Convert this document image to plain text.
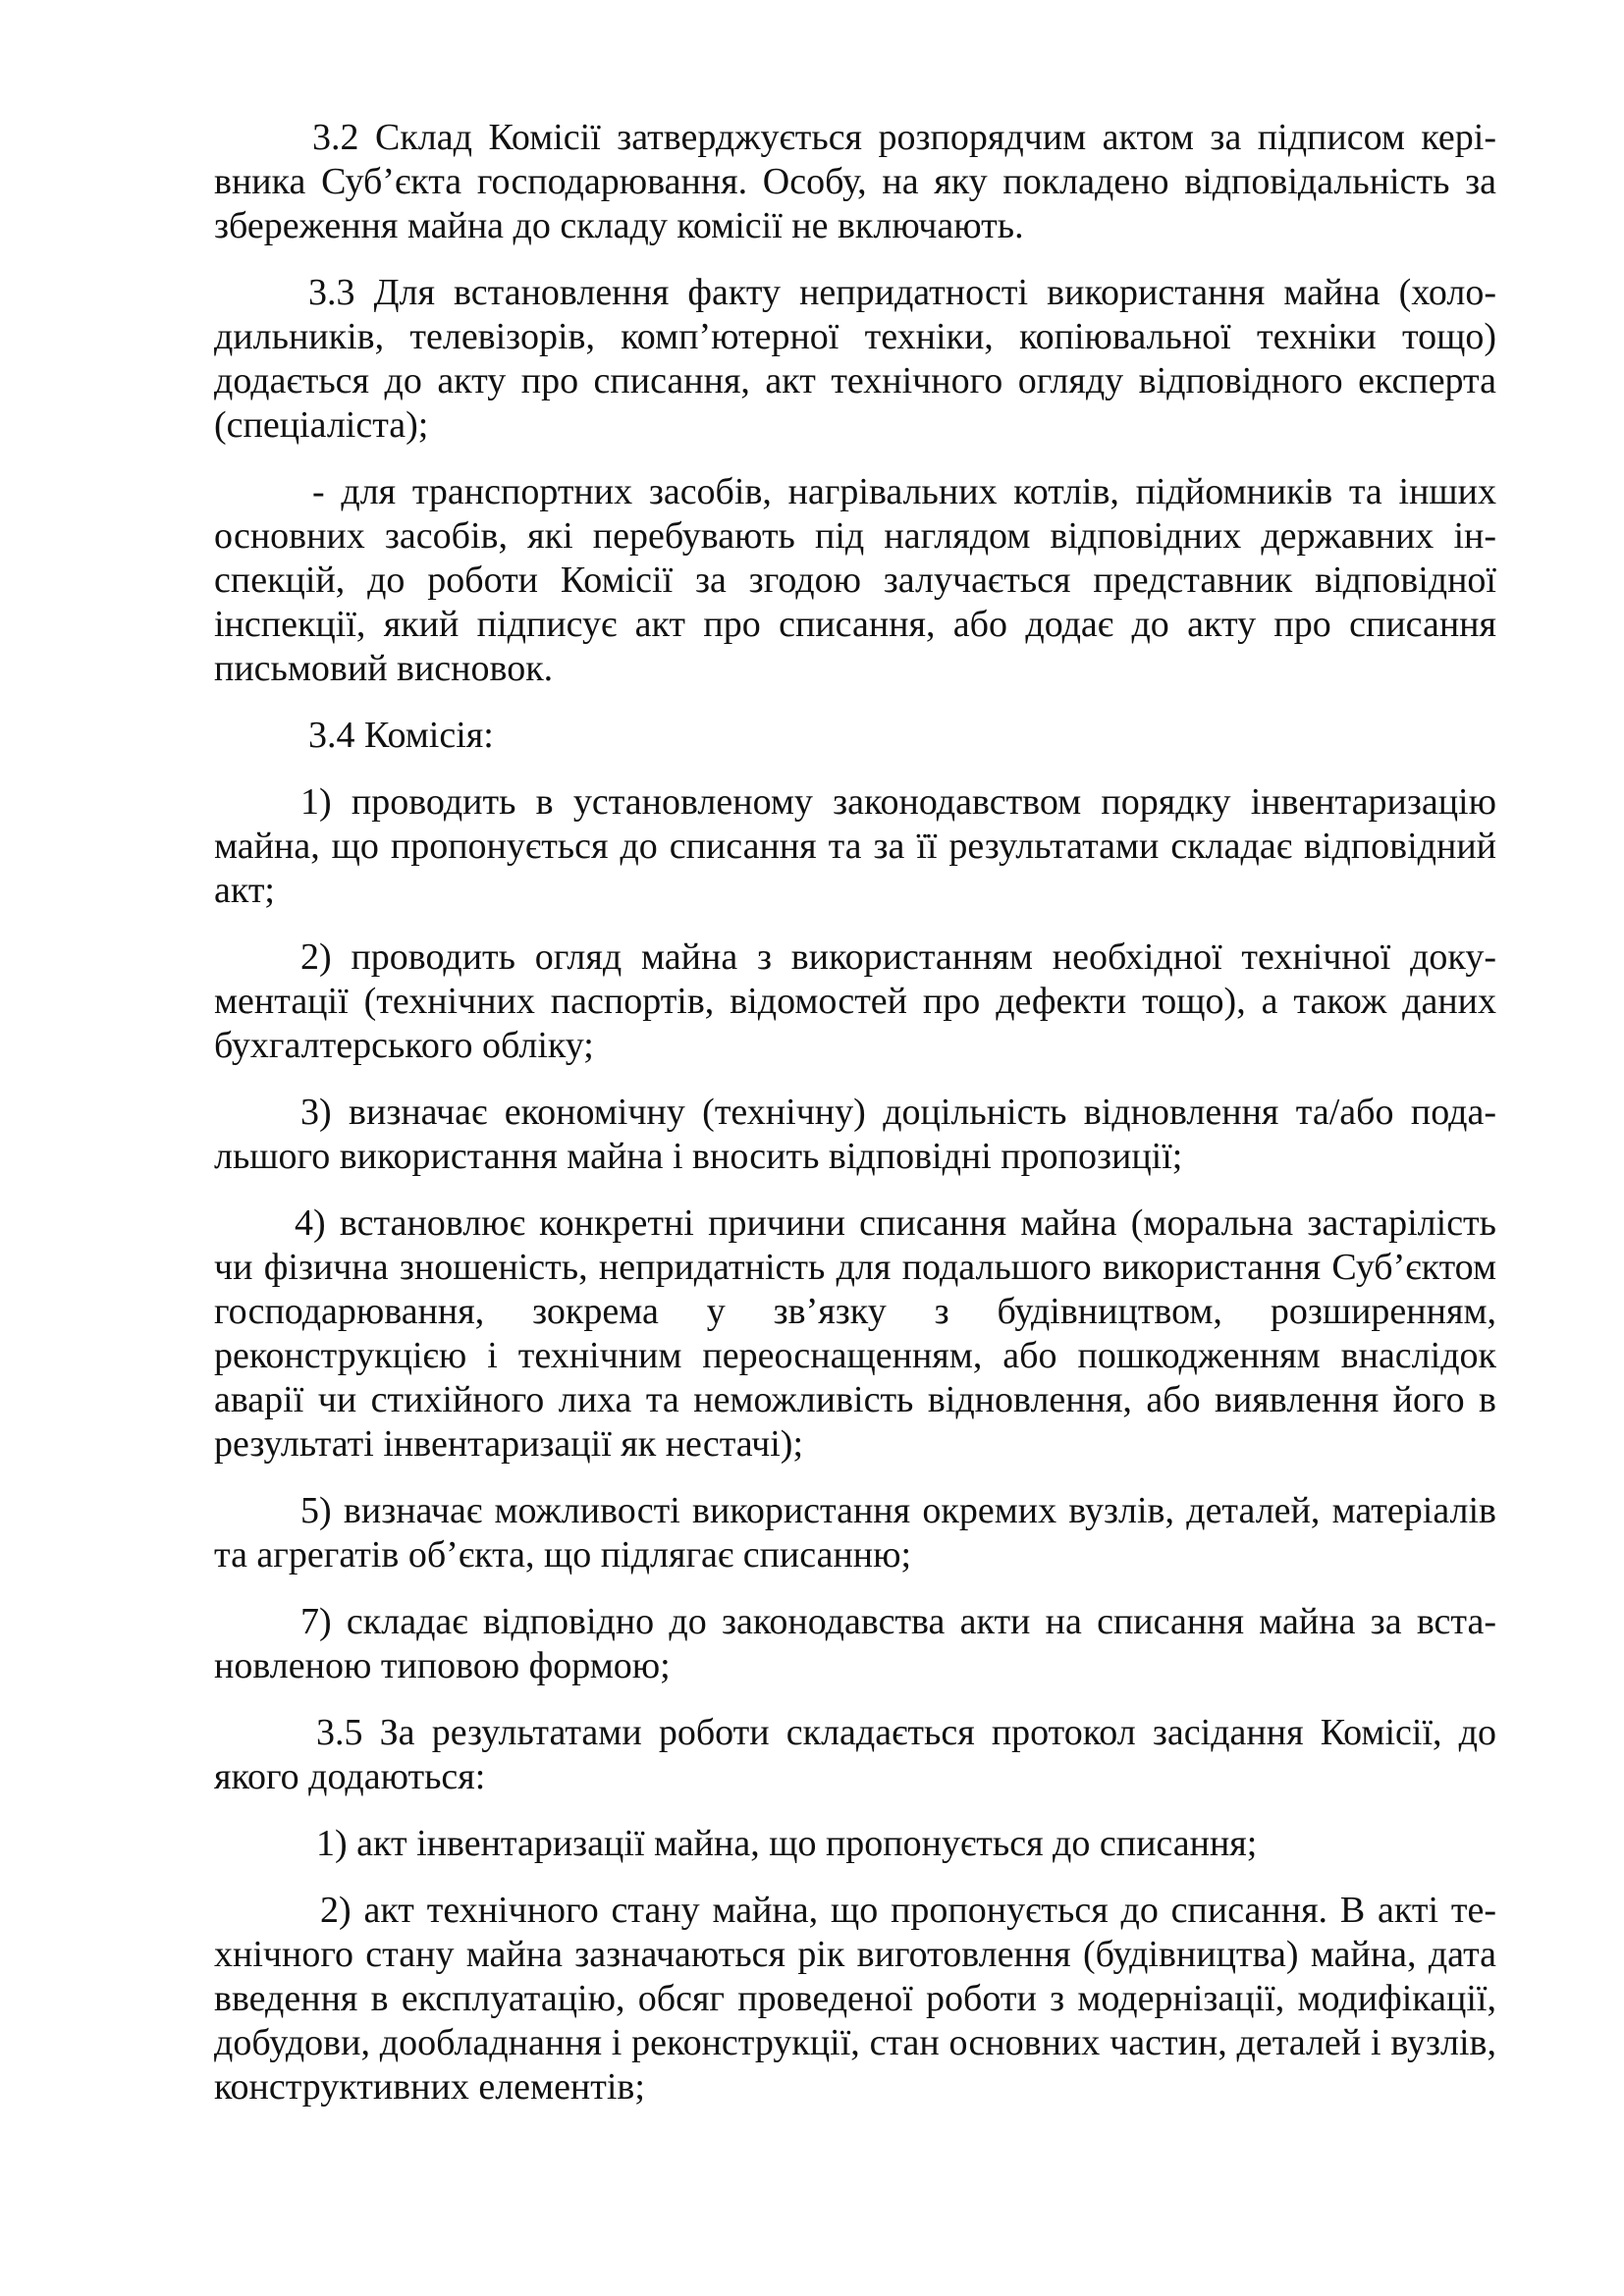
3.2 Склад Комісії затверджується розпорядчим актом за підписом керівника Суб’єкта господарювання. Особу, на яку покладено відповідальність за збереження майна до складу комісії не включають.

3.3 Для встановлення факту непридатності використання майна (холодильників, телевізорів, комп’ютерної техніки, копіювальної техніки тощо) додається до акту про списання, акт технічного огляду відповідного експерта (спеціаліста);

- для транспортних засобів, нагрівальних котлів, підйомників та інших основних засобів, які перебувають під наглядом відповідних державних інспекцій, до роботи Комісії за згодою залучається представник відповідної інспекції, який підписує акт про списання, або додає до акту про списання письмовий висновок.

3.4 Комісія:

1) проводить в установленому законодавством порядку інвентаризацію майна, що пропонується до списання та за її результатами складає відповідний акт;

2) проводить огляд майна з використанням необхідної технічної документації (технічних паспортів, відомостей про дефекти тощо), а також даних бухгалтерського обліку;

3) визначає економічну (технічну) доцільність відновлення та/або подальшого використання майна і вносить відповідні пропозиції;

4) встановлює конкретні причини списання майна (моральна застарілість чи фізична зношеність, непридатність для подальшого використання Суб’єктом господарювання, зокрема у зв’язку з будівництвом, розширенням, реконструкцією і технічним переоснащенням, або пошкодженням внаслідок аварії чи стихійного лиха та неможливість відновлення, або виявлення його в результаті інвентаризації як нестачі);

5) визначає можливості використання окремих вузлів, деталей, матеріалів та агрегатів об’єкта, що підлягає списанню;

7) складає відповідно до законодавства акти на списання майна за встановленою типовою формою;

3.5 За результатами роботи складається протокол засідання Комісії, до якого додаються:

1) акт інвентаризації майна, що пропонується до списання;

2) акт технічного стану майна, що пропонується до списання. В акті технічного стану майна зазначаються рік виготовлення (будівництва) майна, дата введення в експлуатацію, обсяг проведеної роботи з модернізації, модифікації, добудови, дообладнання і реконструкції, стан основних частин, деталей і вузлів, конструктивних елементів;
